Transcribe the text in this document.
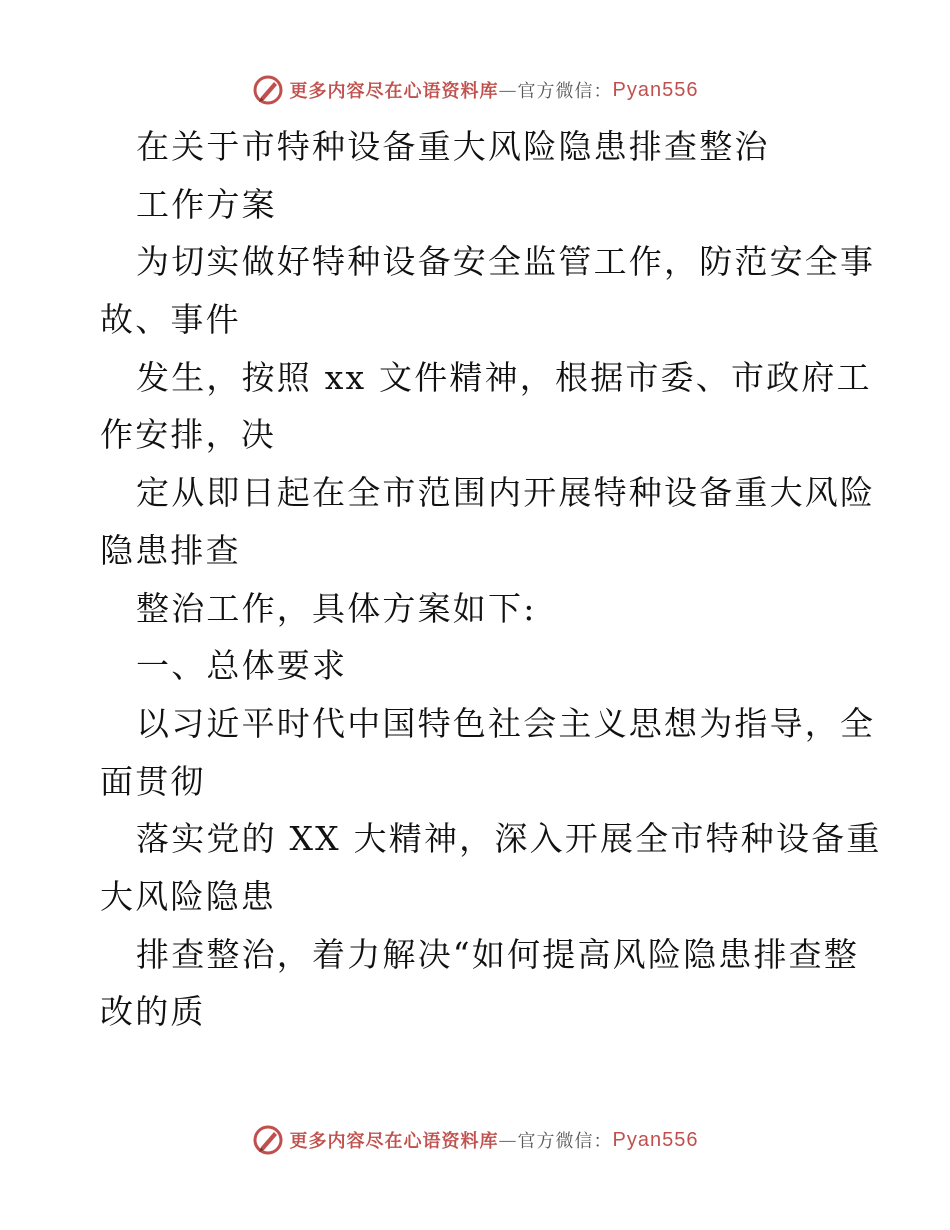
更多内容尽在心语资料库 — 官方微信： Pyan556
在关于市特种设备重大风险隐患排查整治
工作方案
为切实做好特种设备安全监管工作，防范安全事
故、事件
发生，按照 xx 文件精神，根据市委、市政府工
作安排，决
定从即日起在全市范围内开展特种设备重大风险
隐患排查
整治工作，具体方案如下:
一、总体要求
以习近平时代中国特色社会主义思想为指导，全
面贯彻
落实党的 XX 大精神，深入开展全市特种设备重
大风险隐患
排查整治，着力解决“如何提高风险隐患排查整
改的质
更多内容尽在心语资料库 — 官方微信： Pyan556
